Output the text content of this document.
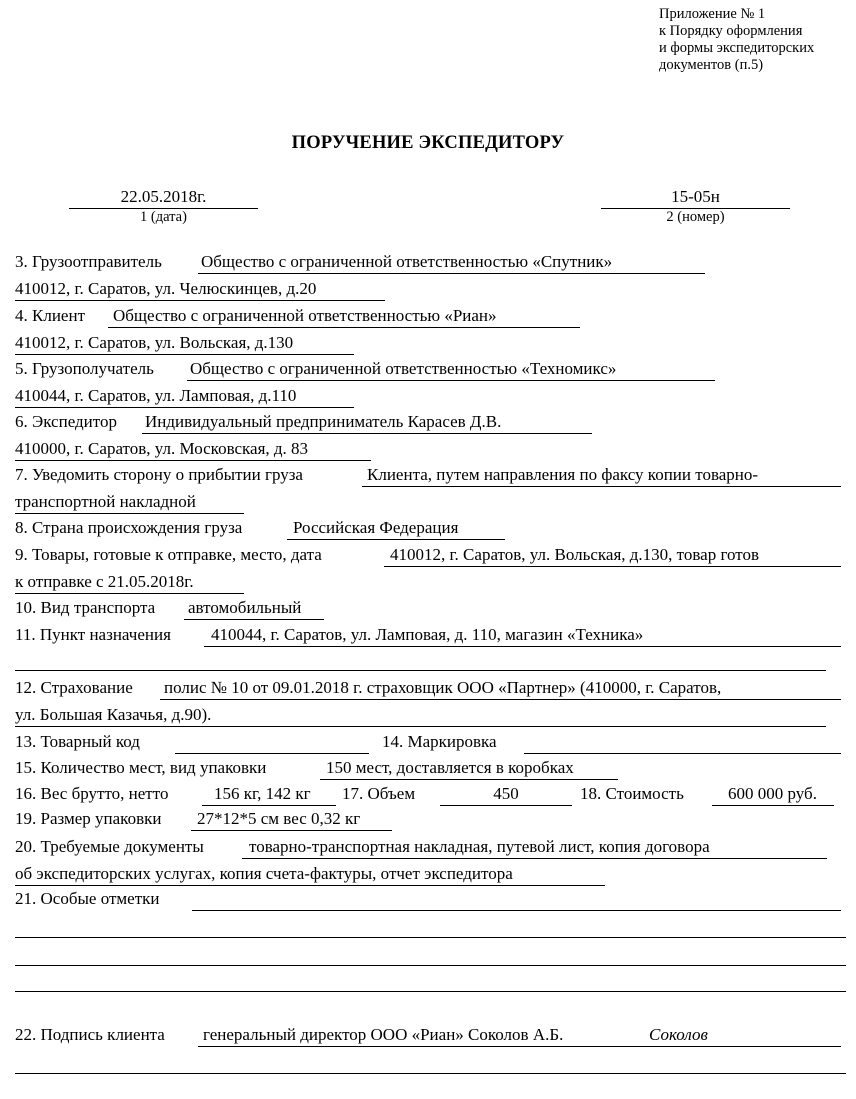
Приложение № 1
к Порядку оформления
и формы экспедиторских
документов (п.5)
ПОРУЧЕНИЕ ЭКСПЕДИТОРУ
22.05.2018г.
1 (дата)
15-05н
2 (номер)
3. Грузоотправитель Общество с ограниченной ответственностью «Спутник»
410012, г. Саратов, ул. Челюскинцев, д.20
4. Клиент Общество с ограниченной ответственностью «Риан»
410012, г. Саратов, ул. Вольская, д.130
5. Грузополучатель Общество с ограниченной ответственностью «Техномикс»
410044, г. Саратов, ул. Ламповая, д.110
6. Экспедитор Индивидуальный предприниматель Карасев Д.В.
410000, г. Саратов, ул. Московская, д. 83
7. Уведомить сторону о прибытии груза	Клиента, путем направления по факсу копии товарно-
транспортной накладной
8. Страна происхождения груза	Российская Федерация
9. Товары, готовые к отправке, место, дата	410012, г. Саратов, ул. Вольская, д.130, товар готов
к отправке с 21.05.2018г.
10. Вид транспорта автомобильный
11. Пункт назначения 410044, г. Саратов, ул. Ламповая, д. 110, магазин «Техника»
12. Страхование полис № 10 от 09.01.2018 г. страховщик ООО «Партнер» (410000, г. Саратов,
ул. Большая Казачья, д.90).
13. Товарный код	14. Маркировка
15. Количество мест, вид упаковки	150 мест, доставляется в коробках
16. Вес брутто, нетто	156 кг, 142 кг 17. Объем	450	18. Стоимость	600 000 руб.
19. Размер упаковки 27*12*5 см вес 0,32 кг
20. Требуемые документы	товарно-транспортная накладная, путевой лист, копия договора
об экспедиторских услугах, копия счета-фактуры, отчет экспедитора
21. Особые отметки
22. Подпись клиента генеральный директор ООО «Риан» Соколов А.Б.	Соколов
